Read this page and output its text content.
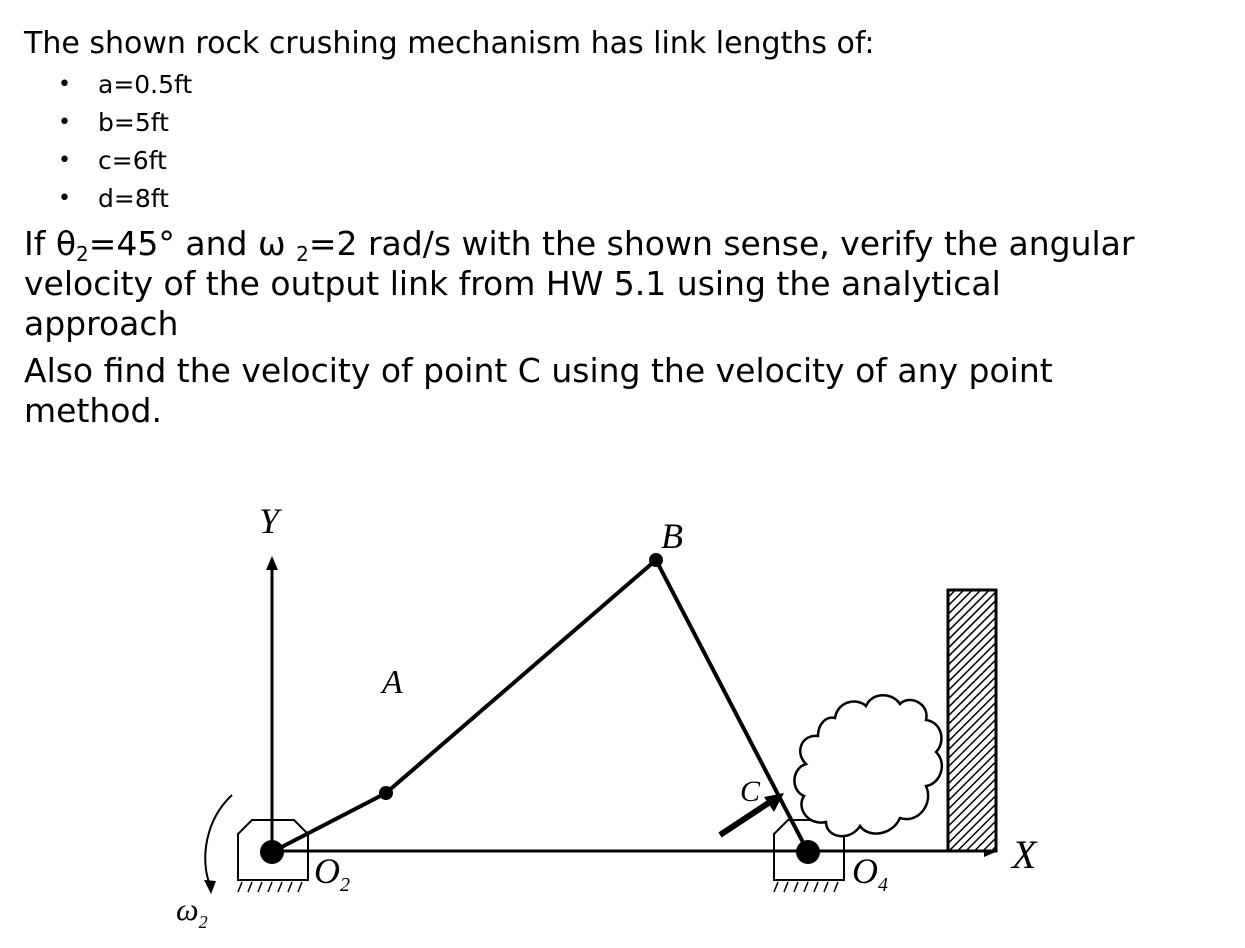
The shown rock crushing mechanism has link lengths of:
• a=0.5ft
• b=5ft
• c=6ft
• d=8ft
If $\theta_2=45^\circ$ and ω $_2$=2 rad/s with the shown sense, verify the angular
velocity of the output link from HW 5.1 using the analytical
approach
Also find the velocity of point C using the velocity of any point
method.
Y
X
A
B
C
$O_2$	$O_4$
$\omega_2$
